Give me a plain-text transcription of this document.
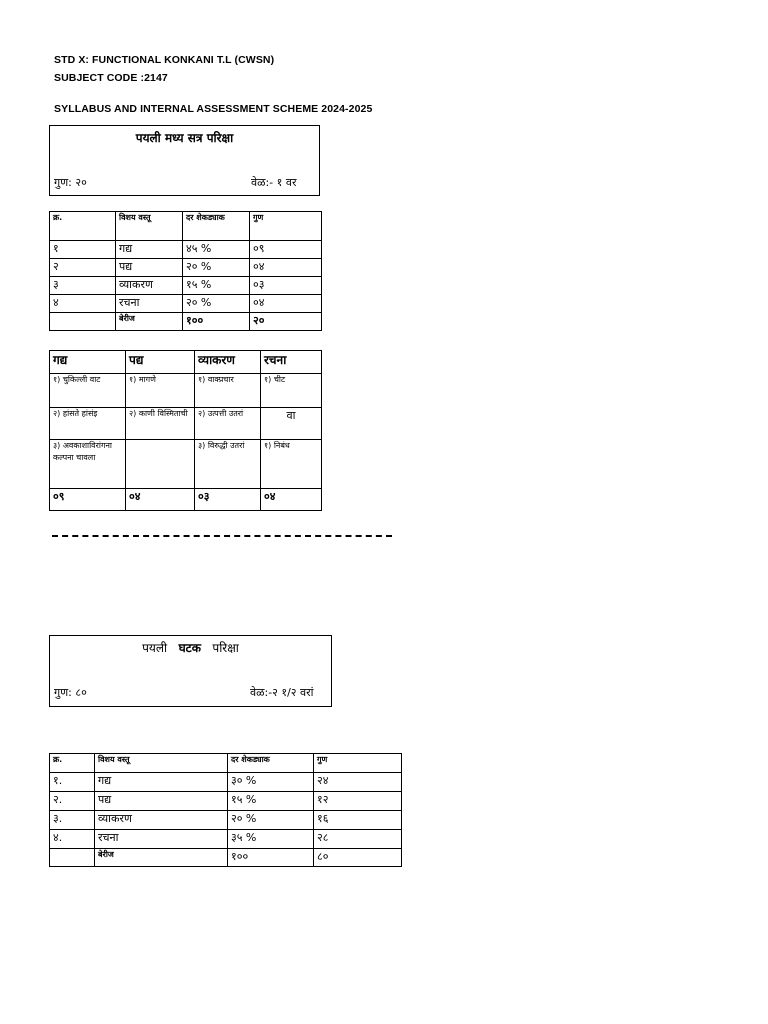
STD X: FUNCTIONAL KONKANI T.L (CWSN)
SUBJECT CODE :2147
SYLLABUS AND INTERNAL ASSESSMENT SCHEME 2024-2025
पयली मध्य सत्र परिक्षा
गुण: २०	वेळ:- १ वर
क्र.	विशय वस्तू	दर शेकड्याक	गुण
१	गद्य	४५ %	०९
२	पद्य	२० %	०४
३	व्याकरण	१५ %	०३
४	रचना	२० %	०४
	बेरीज	१००	२०
गद्य	पद्य	व्याकरण	रचना
१) चुकिल्ली वाट	१) मागणे	१) वाक्प्रचार	१) चीट
२) हांसते हांसंइ	२) काणी विस्मिताची	२) उत्पत्ती उतरां	वा
३) अवकाशाविरांगना कल्पना चावला		३) विरुद्धी उतरां	१) निबंध
०९	०४	०३	०४
पयली घटक परिक्षा
गुण: ८०	वेळ:-२ १/२ वरां
क्र.	विशय वस्तू	दर शेकड्याक	गुण
१.	गद्य	३० %	२४
२.	पद्य	१५ %	१२
३.	व्याकरण	२० %	१६
४.	रचना	३५ %	२८
	बेरीज	१००	८०
